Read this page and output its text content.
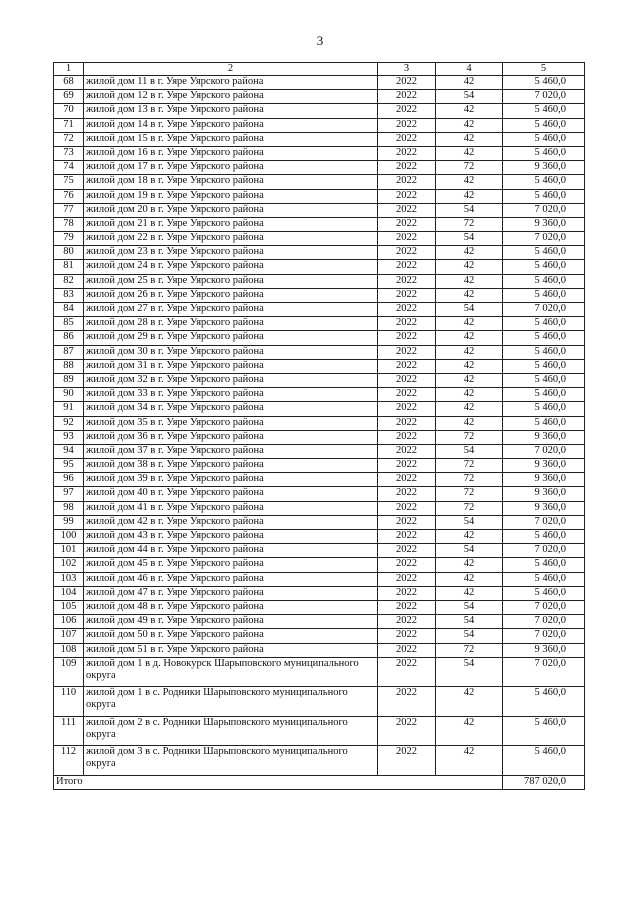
3
1	2	3	4	5
68	жилой дом 11 в г. Уяре Уярского района	2022	42	5 460,0
69	жилой дом 12 в г. Уяре Уярского района	2022	54	7 020,0
70	жилой дом 13 в г. Уяре Уярского района	2022	42	5 460,0
71	жилой дом 14 в г. Уяре Уярского района	2022	42	5 460,0
72	жилой дом 15 в г. Уяре Уярского района	2022	42	5 460,0
73	жилой дом 16 в г. Уяре Уярского района	2022	42	5 460,0
74	жилой дом 17 в г. Уяре Уярского района	2022	72	9 360,0
75	жилой дом 18 в г. Уяре Уярского района	2022	42	5 460,0
76	жилой дом 19 в г. Уяре Уярского района	2022	42	5 460,0
77	жилой дом 20 в г. Уяре Уярского района	2022	54	7 020,0
78	жилой дом 21 в г. Уяре Уярского района	2022	72	9 360,0
79	жилой дом 22 в г. Уяре Уярского района	2022	54	7 020,0
80	жилой дом 23 в г. Уяре Уярского района	2022	42	5 460,0
81	жилой дом 24 в г. Уяре Уярского района	2022	42	5 460,0
82	жилой дом 25 в г. Уяре Уярского района	2022	42	5 460,0
83	жилой дом 26 в г. Уяре Уярского района	2022	42	5 460,0
84	жилой дом 27 в г. Уяре Уярского района	2022	54	7 020,0
85	жилой дом 28 в г. Уяре Уярского района	2022	42	5 460,0
86	жилой дом 29 в г. Уяре Уярского района	2022	42	5 460,0
87	жилой дом 30 в г. Уяре Уярского района	2022	42	5 460,0
88	жилой дом 31 в г. Уяре Уярского района	2022	42	5 460,0
89	жилой дом 32 в г. Уяре Уярского района	2022	42	5 460,0
90	жилой дом 33 в г. Уяре Уярского района	2022	42	5 460,0
91	жилой дом 34 в г. Уяре Уярского района	2022	42	5 460,0
92	жилой дом 35 в г. Уяре Уярского района	2022	42	5 460,0
93	жилой дом 36 в г. Уяре Уярского района	2022	72	9 360,0
94	жилой дом 37 в г. Уяре Уярского района	2022	54	7 020,0
95	жилой дом 38 в г. Уяре Уярского района	2022	72	9 360,0
96	жилой дом 39 в г. Уяре Уярского района	2022	72	9 360,0
97	жилой дом 40 в г. Уяре Уярского района	2022	72	9 360,0
98	жилой дом 41 в г. Уяре Уярского района	2022	72	9 360,0
99	жилой дом 42 в г. Уяре Уярского района	2022	54	7 020,0
100	жилой дом 43 в г. Уяре Уярского района	2022	42	5 460,0
101	жилой дом 44 в г. Уяре Уярского района	2022	54	7 020,0
102	жилой дом 45 в г. Уяре Уярского района	2022	42	5 460,0
103	жилой дом 46 в г. Уяре Уярского района	2022	42	5 460,0
104	жилой дом 47 в г. Уяре Уярского района	2022	42	5 460,0
105	жилой дом 48 в г. Уяре Уярского района	2022	54	7 020,0
106	жилой дом 49 в г. Уяре Уярского района	2022	54	7 020,0
107	жилой дом 50 в г. Уяре Уярского района	2022	54	7 020,0
108	жилой дом 51 в г. Уяре Уярского района	2022	72	9 360,0
109	жилой дом 1 в д. Новокурск Шарыповского муниципального округа	2022	54	7 020,0
110	жилой дом 1 в с. Родники Шарыповского муниципального округа	2022	42	5 460,0
111	жилой дом 2 в с. Родники Шарыповского муниципального округа	2022	42	5 460,0
112	жилой дом 3 в с. Родники Шарыповского муниципального округа	2022	42	5 460,0
Итого				787 020,0
